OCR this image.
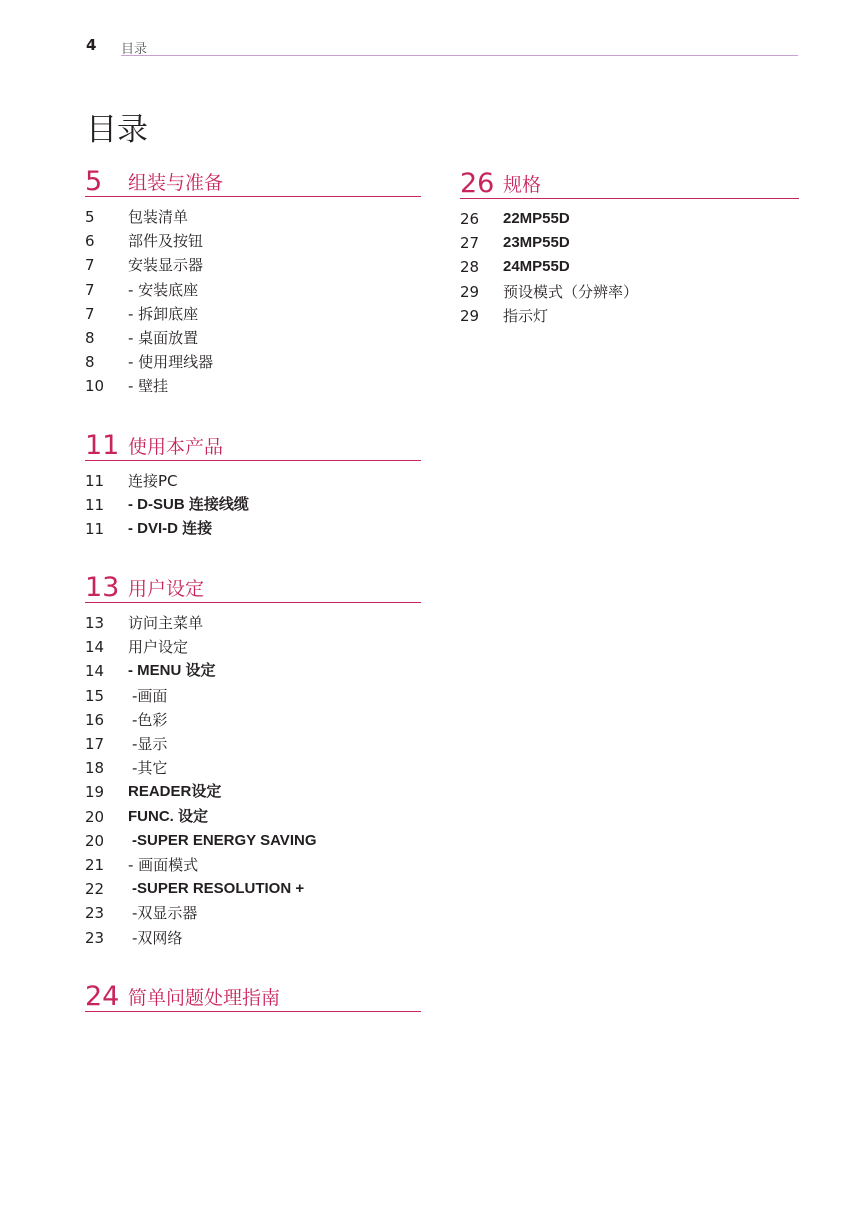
4 目录
目录
5 组装与准备
5 包装清单
6 部件及按钮
7 安装显示器
7 - 安装底座
7 - 拆卸底座
8 - 桌面放置
8 - 使用理线器
10 - 壁挂
11 使用本产品
11 连接PC
11 - D-SUB 连接线缆
11 - DVI-D 连接
13 用户设定
13 访问主菜单
14 用户设定
14 - MENU 设定
15 -画面
16 -色彩
17 -显示
18 -其它
19 READER设定
20 FUNC. 设定
20 -SUPER ENERGY SAVING
21 - 画面模式
22 -SUPER RESOLUTION +
23 -双显示器
23 -双网络
24 简单问题处理指南
26 规格
26 22MP55D
27 23MP55D
28 24MP55D
29 预设模式（分辨率）
29 指示灯
